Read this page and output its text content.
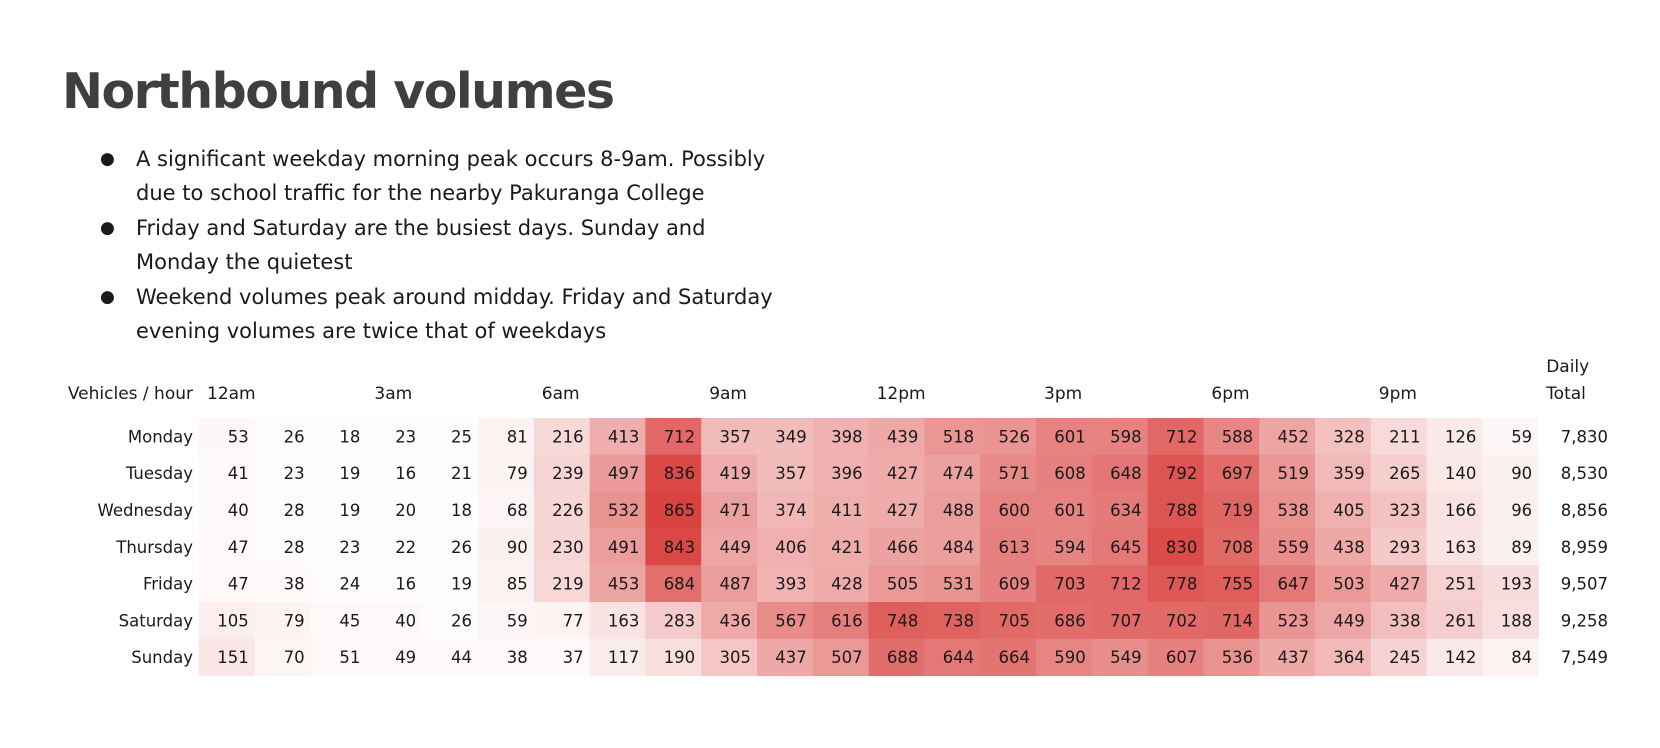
Northbound volumes
● A significant weekday morning peak occurs 8-9am. Possibly due to school traffic for the nearby Pakuranga College
● Friday and Saturday are the busiest days. Sunday and Monday the quietest
● Weekend volumes peak around midday. Friday and Saturday evening volumes are twice that of weekdays
Vehicles / hour 12am	3am	6am	9am	12pm	3pm	6pm	9pm
Daily
Total
Monday 53 26 18 23 25 81 216 413 712 357 349 398 439 518 526 601 598 712 588 452 328 211 126 59 7,830
Tuesday 41 23 19 16 21 79 239 497 836 419 357 396 427 474 571 608 648 792 697 519 359 265 140 90 8,530
Wednesday 40 28 19 20 18 68 226 532 865 471 374 411 427 488 600 601 634 788 719 538 405 323 166 96 8,856
Thursday 47 28 23 22 26 90 230 491 843 449 406 421 466 484 613 594 645 830 708 559 438 293 163 89 8,959
Friday 47 38 24 16 19 85 219 453 684 487 393 428 505 531 609 703 712 778 755 647 503 427 251 193 9,507
Saturday 105 79 45 40 26 59 77 163 283 436 567 616 748 738 705 686 707 702 714 523 449 338 261 188 9,258
Sunday 151 70 51 49 44 38 37 117 190 305 437 507 688 644 664 590 549 607 536 437 364 245 142 84 7,549
